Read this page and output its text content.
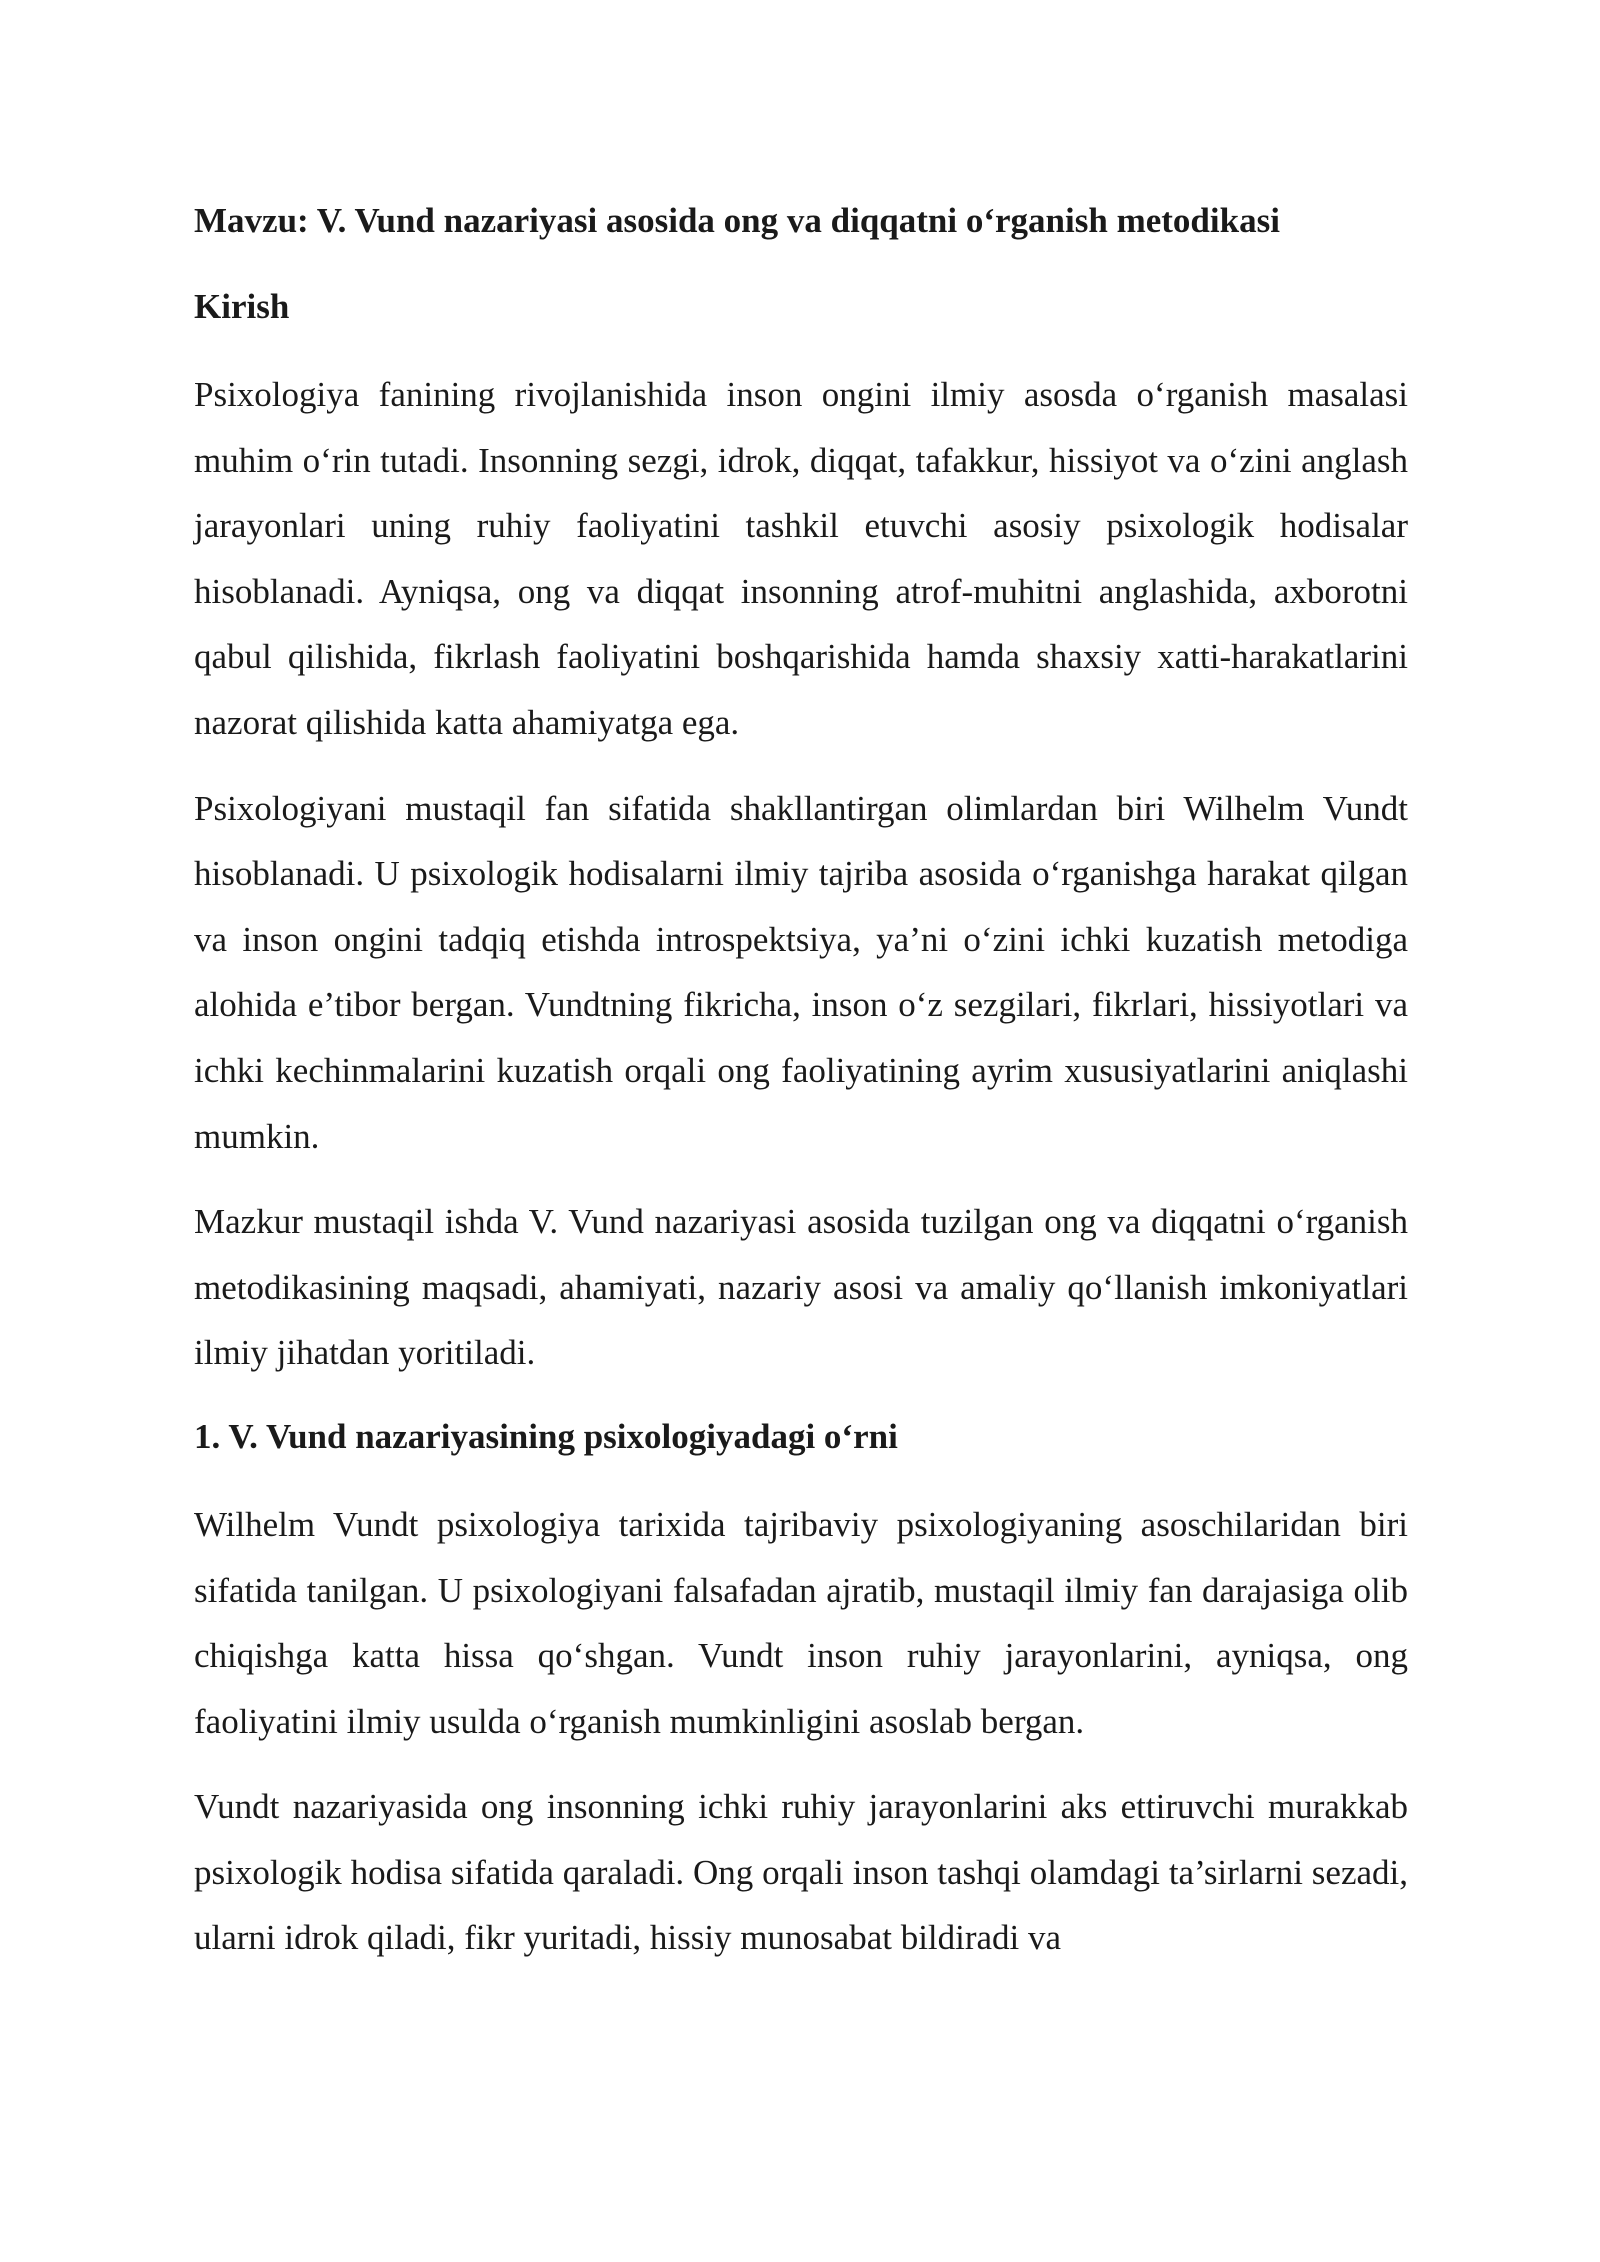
Mavzu: V. Vund nazariyasi asosida ong va diqqatni o‘rganish metodikasi
Kirish

Psixologiya fanining rivojlanishida inson ongini ilmiy asosda o‘rganish masalasi muhim o‘rin tutadi. Insonning sezgi, idrok, diqqat, tafakkur, hissiyot va o‘zini anglash jarayonlari uning ruhiy faoliyatini tashkil etuvchi asosiy psixologik hodisalar hisoblanadi. Ayniqsa, ong va diqqat insonning atrof-muhitni anglashida, axborotni qabul qilishida, fikrlash faoliyatini boshqarishida hamda shaxsiy xatti-harakatlarini nazorat qilishida katta ahamiyatga ega.

Psixologiyani mustaqil fan sifatida shakllantirgan olimlardan biri Wilhelm Vundt hisoblanadi. U psixologik hodisalarni ilmiy tajriba asosida o‘rganishga harakat qilgan va inson ongini tadqiq etishda introspektsiya, ya’ni o‘zini ichki kuzatish metodiga alohida e’tibor bergan. Vundtning fikricha, inson o‘z sezgilari, fikrlari, hissiyotlari va ichki kechinmalarini kuzatish orqali ong faoliyatining ayrim xususiyatlarini aniqlashi mumkin.

Mazkur mustaqil ishda V. Vund nazariyasi asosida tuzilgan ong va diqqatni o‘rganish metodikasining maqsadi, ahamiyati, nazariy asosi va amaliy qo‘llanish imkoniyatlari ilmiy jihatdan yoritiladi.

1. V. Vund nazariyasining psixologiyadagi o‘rni

Wilhelm Vundt psixologiya tarixida tajribaviy psixologiyaning asoschilaridan biri sifatida tanilgan. U psixologiyani falsafadan ajratib, mustaqil ilmiy fan darajasiga olib chiqishga katta hissa qo‘shgan. Vundt inson ruhiy jarayonlarini, ayniqsa, ong faoliyatini ilmiy usulda o‘rganish mumkinligini asoslab bergan.

Vundt nazariyasida ong insonning ichki ruhiy jarayonlarini aks ettiruvchi murakkab psixologik hodisa sifatida qaraladi. Ong orqali inson tashqi olamdagi ta’sirlarni sezadi, ularni idrok qiladi, fikr yuritadi, hissiy munosabat bildiradi va
